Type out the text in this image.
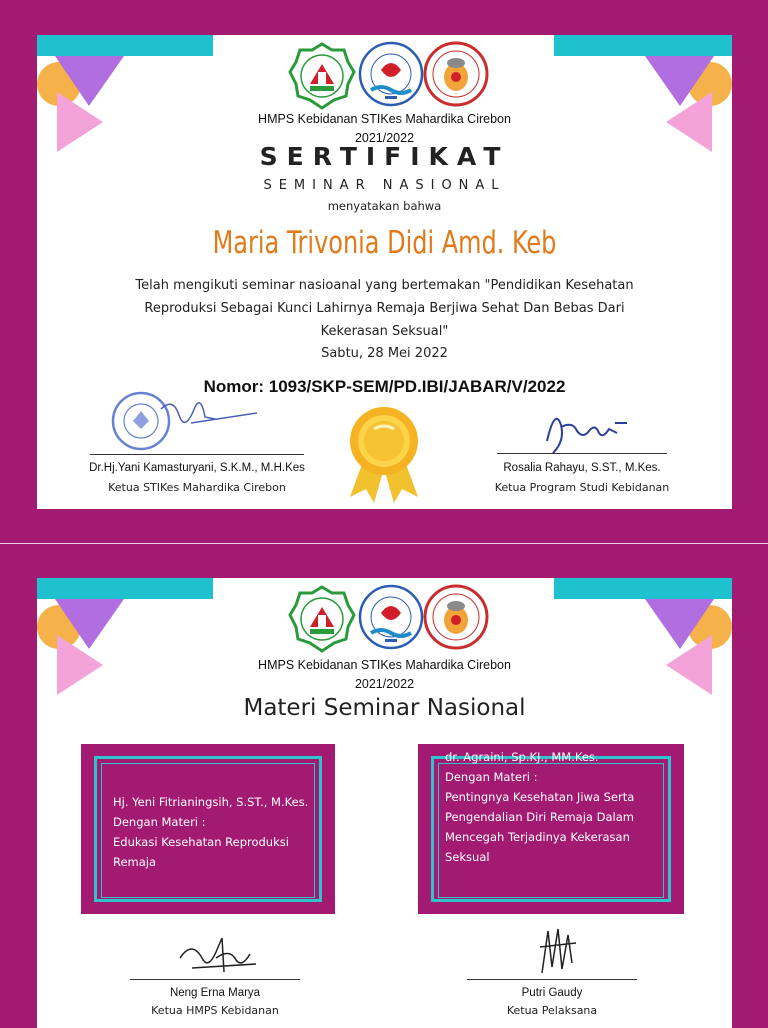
HMPS Kebidanan STIKes Mahardika Cirebon
2021/2022
SERTIFIKAT
SEMINAR NASIONAL
menyatakan bahwa
Maria Trivonia Didi Amd. Keb
Telah mengikuti seminar nasioanal yang bertemakan "Pendidikan Kesehatan
Reproduksi Sebagai Kunci Lahirnya Remaja Berjiwa Sehat Dan Bebas Dari
Kekerasan Seksual"
Sabtu, 28 Mei 2022
Nomor: 1093/SKP-SEM/PD.IBI/JABAR/V/2022
Dr.Hj.Yani Kamasturyani, S.K.M., M.H.Kes
Ketua STIKes Mahardika Cirebon
Rosalia Rahayu, S.ST., M.Kes.
Ketua Program Studi Kebidanan
HMPS Kebidanan STIKes Mahardika Cirebon
2021/2022
Materi Seminar Nasional
Hj. Yeni Fitrianingsih, S.ST., M.Kes.
Dengan Materi :
Edukasi Kesehatan Reproduksi
Remaja
dr. Agraini, Sp.KJ., MM.Kes.
Dengan Materi :
Pentingnya Kesehatan Jiwa Serta
Pengendalian Diri Remaja Dalam
Mencegah Terjadinya Kekerasan
Seksual
Neng Erna Marya
Ketua HMPS Kebidanan
Putri Gaudy
Ketua Pelaksana
